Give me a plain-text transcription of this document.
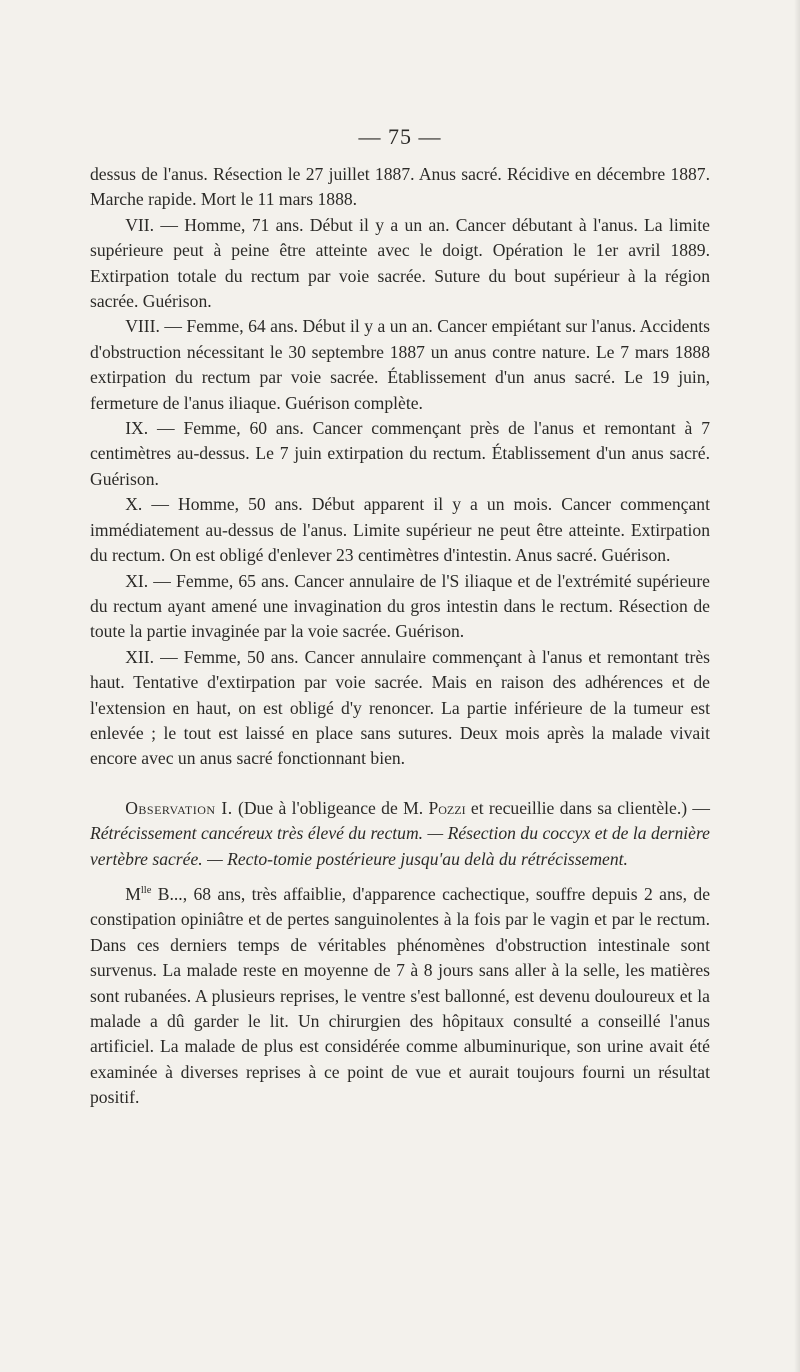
— 75 —

dessus de l'anus. Résection le 27 juillet 1887. Anus sacré. Récidive en décembre 1887. Marche rapide. Mort le 11 mars 1888.

VII. — Homme, 71 ans. Début il y a un an. Cancer débutant à l'anus. La limite supérieure peut à peine être atteinte avec le doigt. Opération le 1er avril 1889. Extirpation totale du rectum par voie sacrée. Suture du bout supérieur à la région sacrée. Guérison.

VIII. — Femme, 64 ans. Début il y a un an. Cancer empiétant sur l'anus. Accidents d'obstruction nécessitant le 30 septembre 1887 un anus contre nature. Le 7 mars 1888 extirpation du rectum par voie sacrée. Établissement d'un anus sacré. Le 19 juin, fermeture de l'anus iliaque. Guérison complète.

IX. — Femme, 60 ans. Cancer commençant près de l'anus et remontant à 7 centimètres au-dessus. Le 7 juin extirpation du rectum. Établissement d'un anus sacré. Guérison.

X. — Homme, 50 ans. Début apparent il y a un mois. Cancer commençant immédiatement au-dessus de l'anus. Limite supérieur ne peut être atteinte. Extirpation du rectum. On est obligé d'enlever 23 centimètres d'intestin. Anus sacré. Guérison.

XI. — Femme, 65 ans. Cancer annulaire de l'S iliaque et de l'extrémité supérieure du rectum ayant amené une invagination du gros intestin dans le rectum. Résection de toute la partie invaginée par la voie sacrée. Guérison.

XII. — Femme, 50 ans. Cancer annulaire commençant à l'anus et remontant très haut. Tentative d'extirpation par voie sacrée. Mais en raison des adhérences et de l'extension en haut, on est obligé d'y renoncer. La partie inférieure de la tumeur est enlevée ; le tout est laissé en place sans sutures. Deux mois après la malade vivait encore avec un anus sacré fonctionnant bien.

Observation I. (Due à l'obligeance de M. Pozzi et recueillie dans sa clientèle.) — Rétrécissement cancéreux très élevé du rectum. — Résection du coccyx et de la dernière vertèbre sacrée. — Recto-tomie postérieure jusqu'au delà du rétrécissement.

$M^{lle}$ B..., 68 ans, très affaiblie, d'apparence cachectique, souffre depuis 2 ans, de constipation opiniâtre et de pertes sanguinolentes à la fois par le vagin et par le rectum. Dans ces derniers temps de véritables phénomènes d'obstruction intestinale sont survenus. La malade reste en moyenne de 7 à 8 jours sans aller à la selle, les matières sont rubanées. A plusieurs reprises, le ventre s'est ballonné, est devenu douloureux et la malade a dû garder le lit. Un chirurgien des hôpitaux consulté a conseillé l'anus artificiel. La malade de plus est considérée comme albuminurique, son urine avait été examinée à diverses reprises à ce point de vue et aurait toujours fourni un résultat positif.
